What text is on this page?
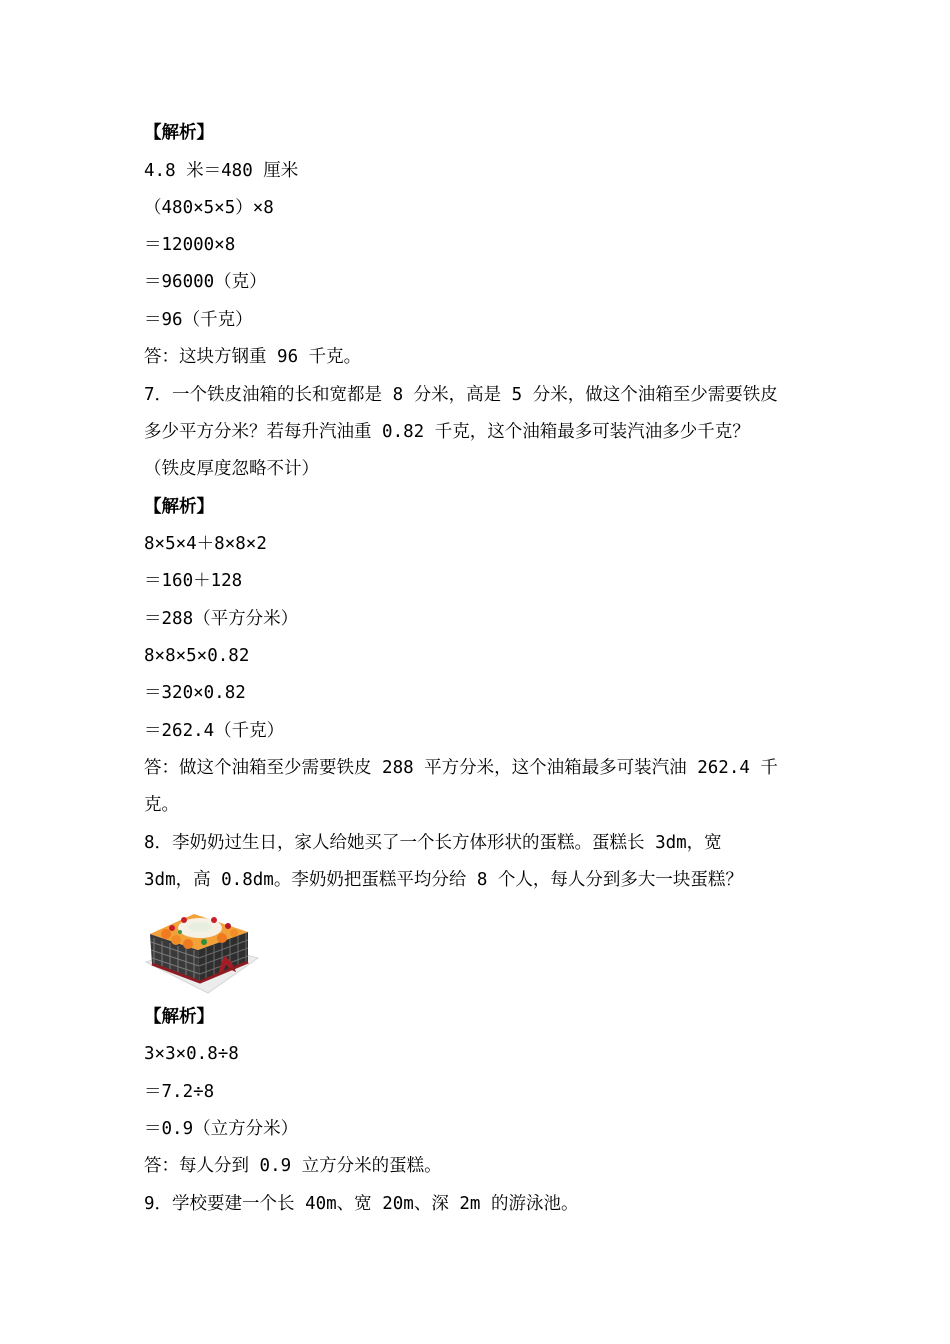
【解析】
4.8 米＝480 厘米
（480×5×5）×8
＝12000×8
＝96000（克）
＝96（千克）
答：这块方钢重 96 千克。
7．一个铁皮油箱的长和宽都是 8 分米，高是 5 分米，做这个油箱至少需要铁皮
多少平方分米？若每升汽油重 0.82 千克，这个油箱最多可装汽油多少千克？
（铁皮厚度忽略不计）
【解析】
8×5×4＋8×8×2
＝160＋128
＝288（平方分米）
8×8×5×0.82
＝320×0.82
＝262.4（千克）
答：做这个油箱至少需要铁皮 288 平方分米，这个油箱最多可装汽油 262.4 千
克。
8．李奶奶过生日，家人给她买了一个长方体形状的蛋糕。蛋糕长 3dm，宽
3dm，高 0.8dm。李奶奶把蛋糕平均分给 8 个人，每人分到多大一块蛋糕？
【解析】
3×3×0.8÷8
＝7.2÷8
＝0.9（立方分米）
答：每人分到 0.9 立方分米的蛋糕。
9．学校要建一个长 40m、宽 20m、深 2m 的游泳池。
